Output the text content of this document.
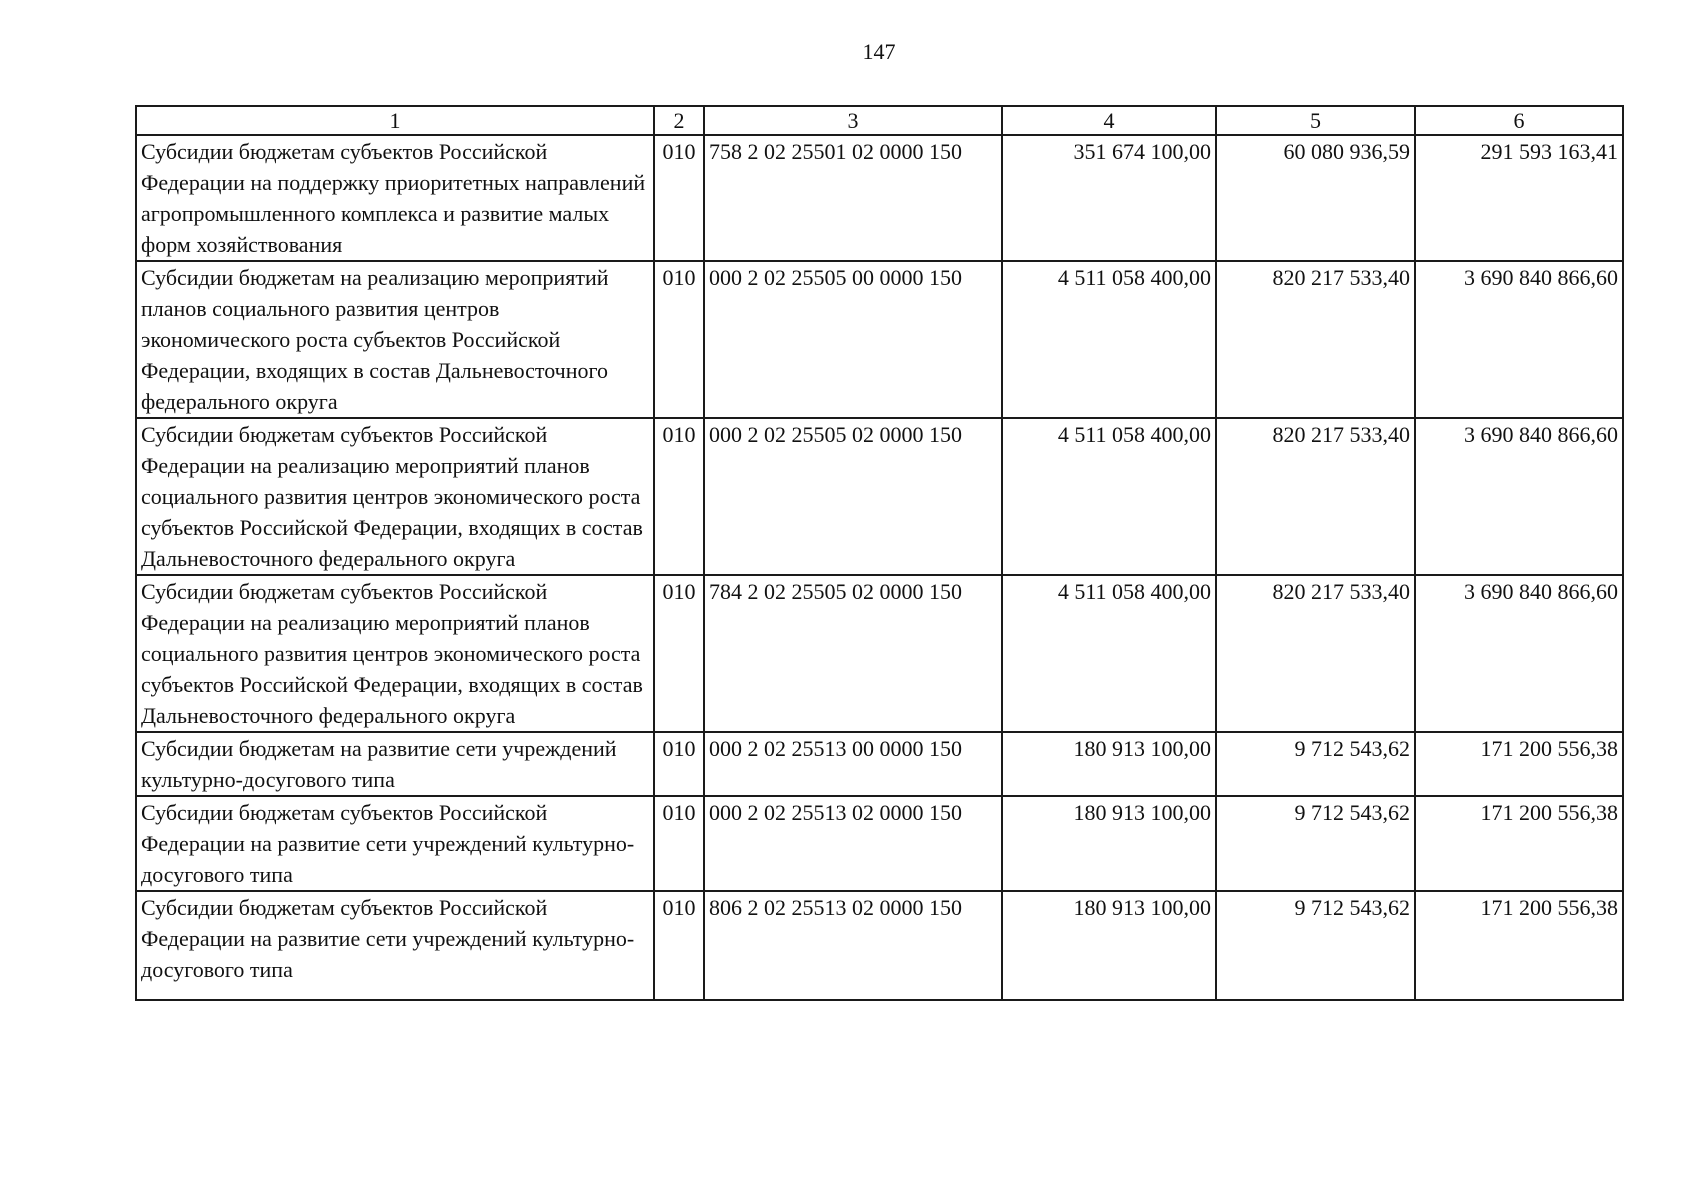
147
1	2	3	4	5	6
Субсидии бюджетам субъектов Российской Федерации на поддержку приоритетных направлений агропромышленного комплекса и развитие малых форм хозяйствования	010	758 2 02 25501 02 0000 150	351 674 100,00	60 080 936,59	291 593 163,41
Субсидии бюджетам на реализацию мероприятий планов социального развития центров экономического роста субъектов Российской Федерации, входящих в состав Дальневосточного федерального округа	010	000 2 02 25505 00 0000 150	4 511 058 400,00	820 217 533,40	3 690 840 866,60
Субсидии бюджетам субъектов Российской Федерации на реализацию мероприятий планов социального развития центров экономического роста субъектов Российской Федерации, входящих в состав Дальневосточного федерального округа	010	000 2 02 25505 02 0000 150	4 511 058 400,00	820 217 533,40	3 690 840 866,60
Субсидии бюджетам субъектов Российской Федерации на реализацию мероприятий планов социального развития центров экономического роста субъектов Российской Федерации, входящих в состав Дальневосточного федерального округа	010	784 2 02 25505 02 0000 150	4 511 058 400,00	820 217 533,40	3 690 840 866,60
Субсидии бюджетам на развитие сети учреждений культурно-досугового типа	010	000 2 02 25513 00 0000 150	180 913 100,00	9 712 543,62	171 200 556,38
Субсидии бюджетам субъектов Российской Федерации на развитие сети учреждений культурно-досугового типа	010	000 2 02 25513 02 0000 150	180 913 100,00	9 712 543,62	171 200 556,38
Субсидии бюджетам субъектов Российской Федерации на развитие сети учреждений культурно-досугового типа	010	806 2 02 25513 02 0000 150	180 913 100,00	9 712 543,62	171 200 556,38
